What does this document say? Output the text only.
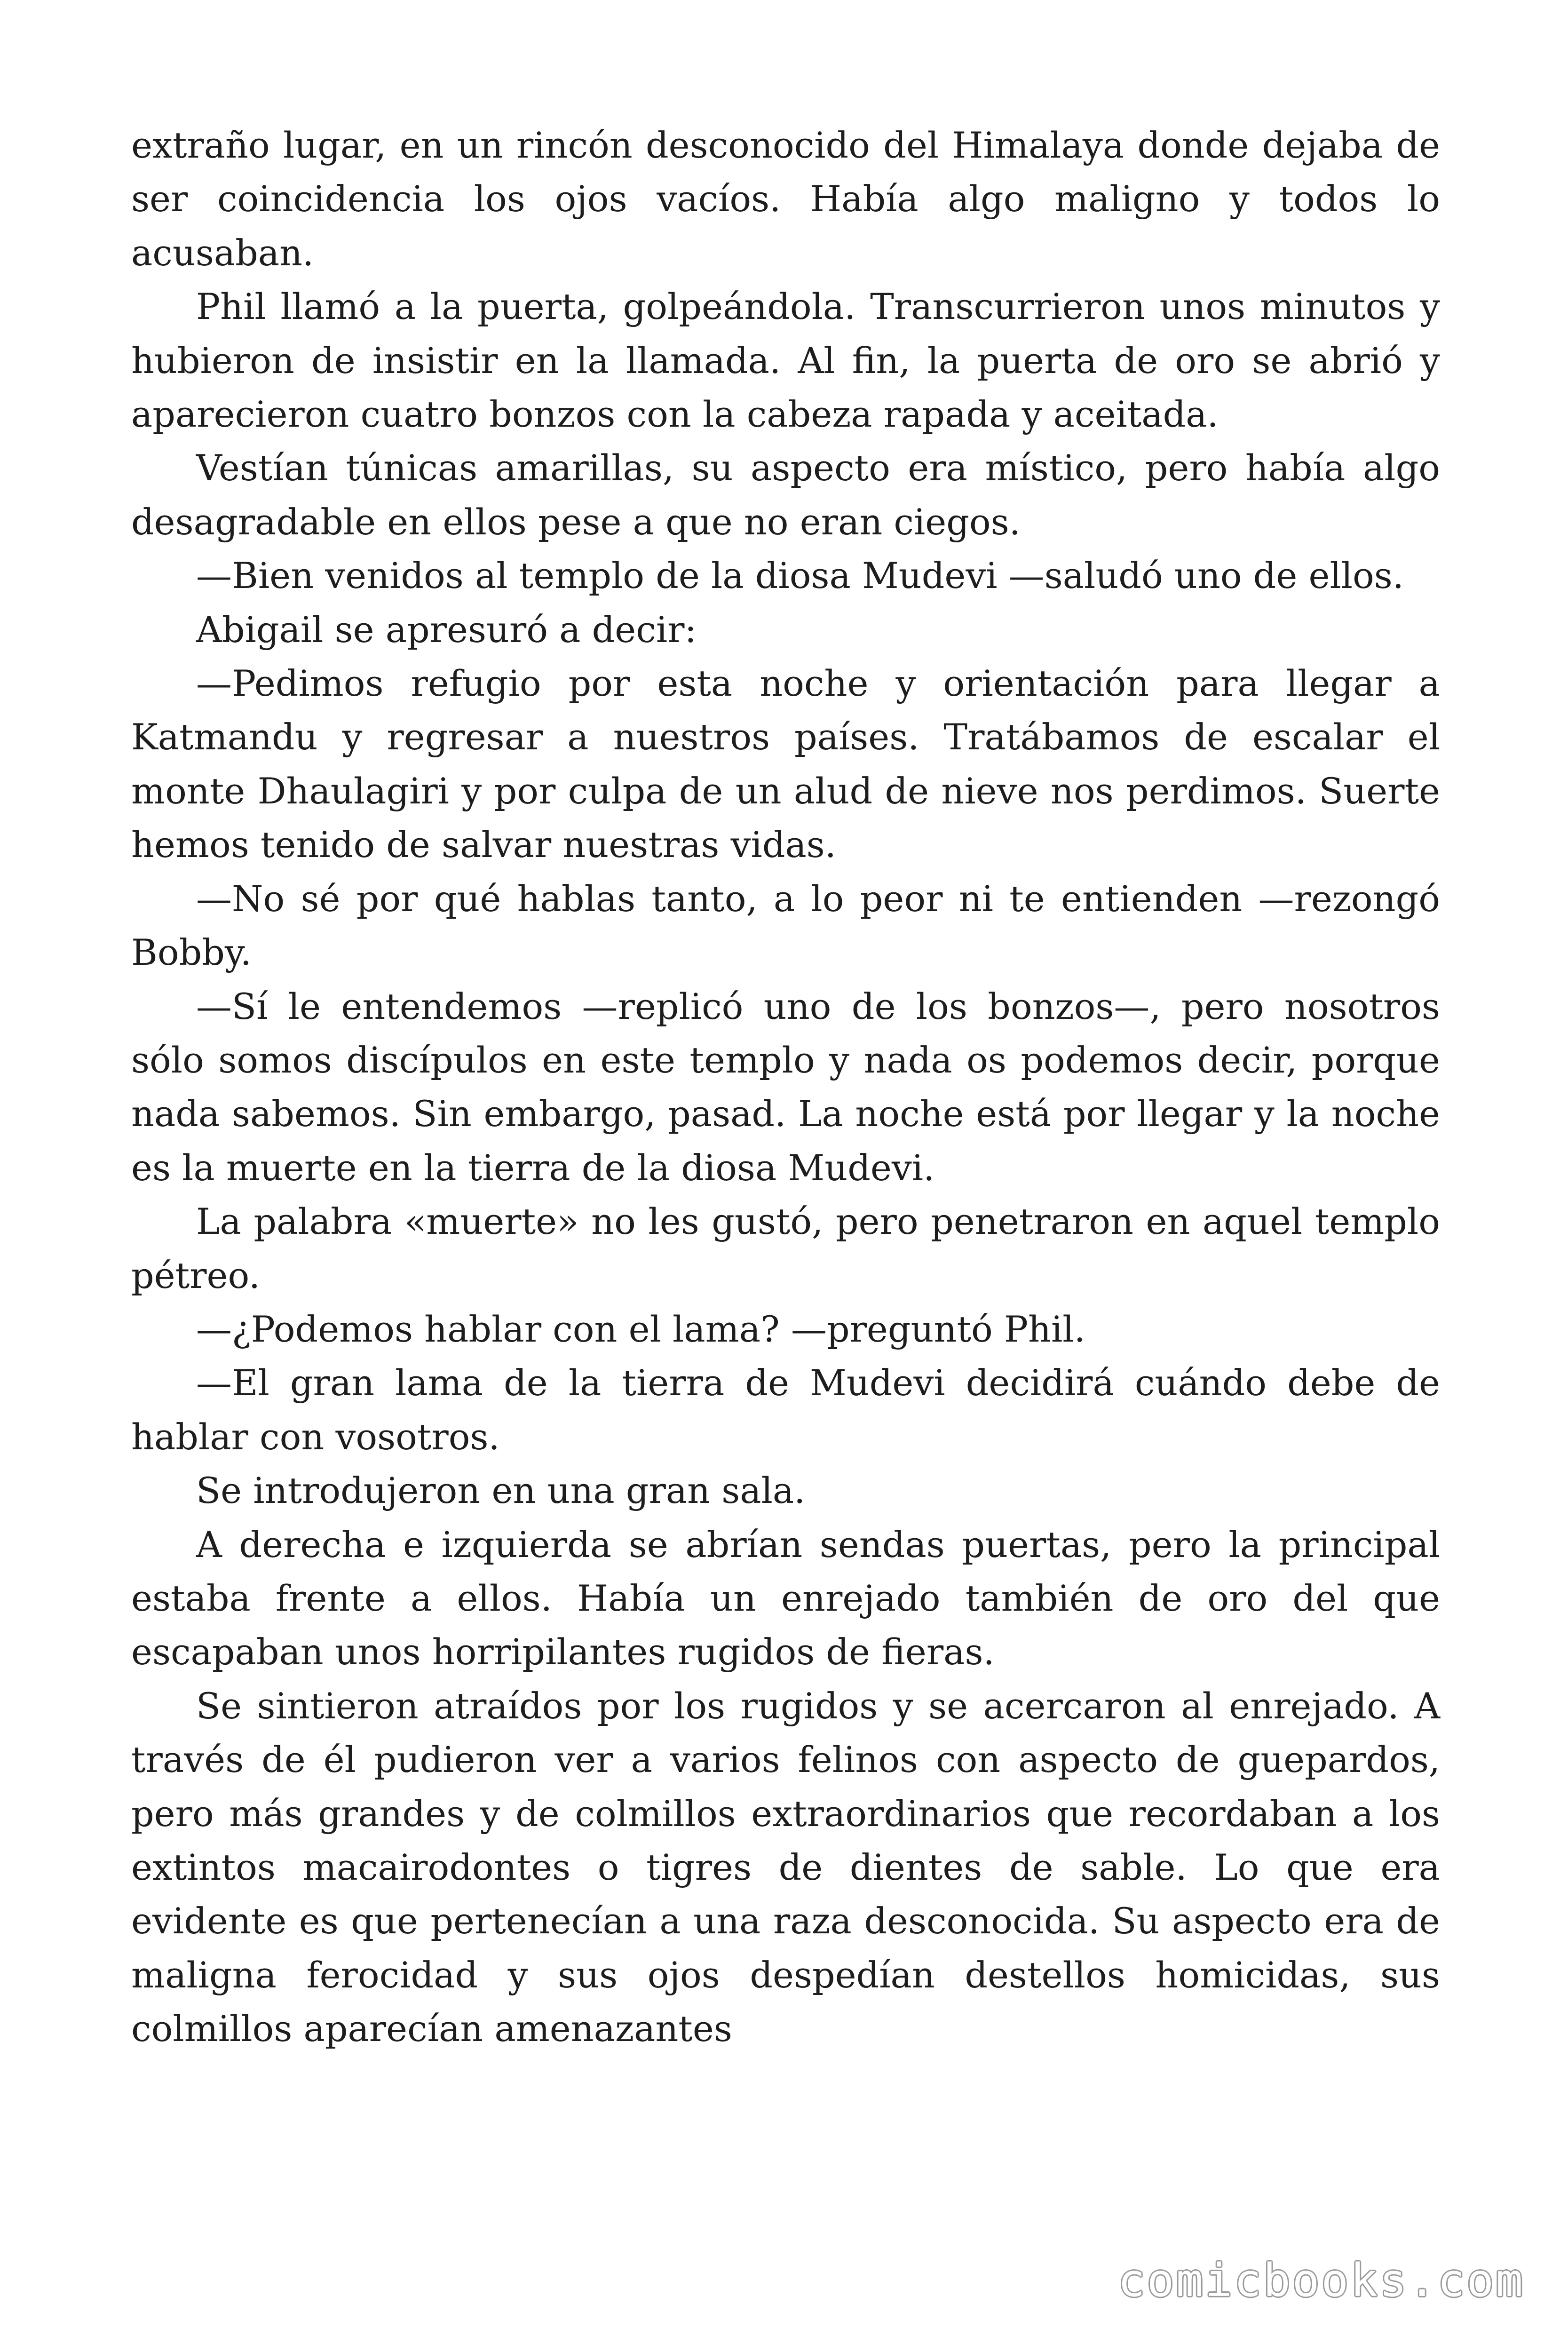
extraño lugar, en un rincón desconocido del Himalaya donde dejaba de ser coincidencia los ojos vacíos. Había algo maligno y todos lo acusaban.

Phil llamó a la puerta, golpeándola. Transcurrieron unos minutos y hubieron de insistir en la llamada. Al fin, la puerta de oro se abrió y aparecieron cuatro bonzos con la cabeza rapada y aceitada.

Vestían túnicas amarillas, su aspecto era místico, pero había algo desagradable en ellos pese a que no eran ciegos.

—Bien venidos al templo de la diosa Mudevi —saludó uno de ellos.

Abigail se apresuró a decir:

—Pedimos refugio por esta noche y orientación para llegar a Katmandu y regresar a nuestros países. Tratábamos de escalar el monte Dhaulagiri y por culpa de un alud de nieve nos perdimos. Suerte hemos tenido de salvar nuestras vidas.

—No sé por qué hablas tanto, a lo peor ni te entienden —rezongó Bobby.

—Sí le entendemos —replicó uno de los bonzos—, pero nosotros sólo somos discípulos en este templo y nada os podemos decir, porque nada sabemos. Sin embargo, pasad. La noche está por llegar y la noche es la muerte en la tierra de la diosa Mudevi.

La palabra «muerte» no les gustó, pero penetraron en aquel templo pétreo.

—¿Podemos hablar con el lama? —preguntó Phil.

—El gran lama de la tierra de Mudevi decidirá cuándo debe de hablar con vosotros.

Se introdujeron en una gran sala.

A derecha e izquierda se abrían sendas puertas, pero la principal estaba frente a ellos. Había un enrejado también de oro del que escapaban unos horripilantes rugidos de fieras.

Se sintieron atraídos por los rugidos y se acercaron al enrejado. A través de él pudieron ver a varios felinos con aspecto de guepardos, pero más grandes y de colmillos extraordinarios que recordaban a los extintos macairodontes o tigres de dientes de sable. Lo que era evidente es que pertenecían a una raza desconocida. Su aspecto era de maligna ferocidad y sus ojos despedían destellos homicidas, sus colmillos aparecían amenazantes

comicbooks.com
